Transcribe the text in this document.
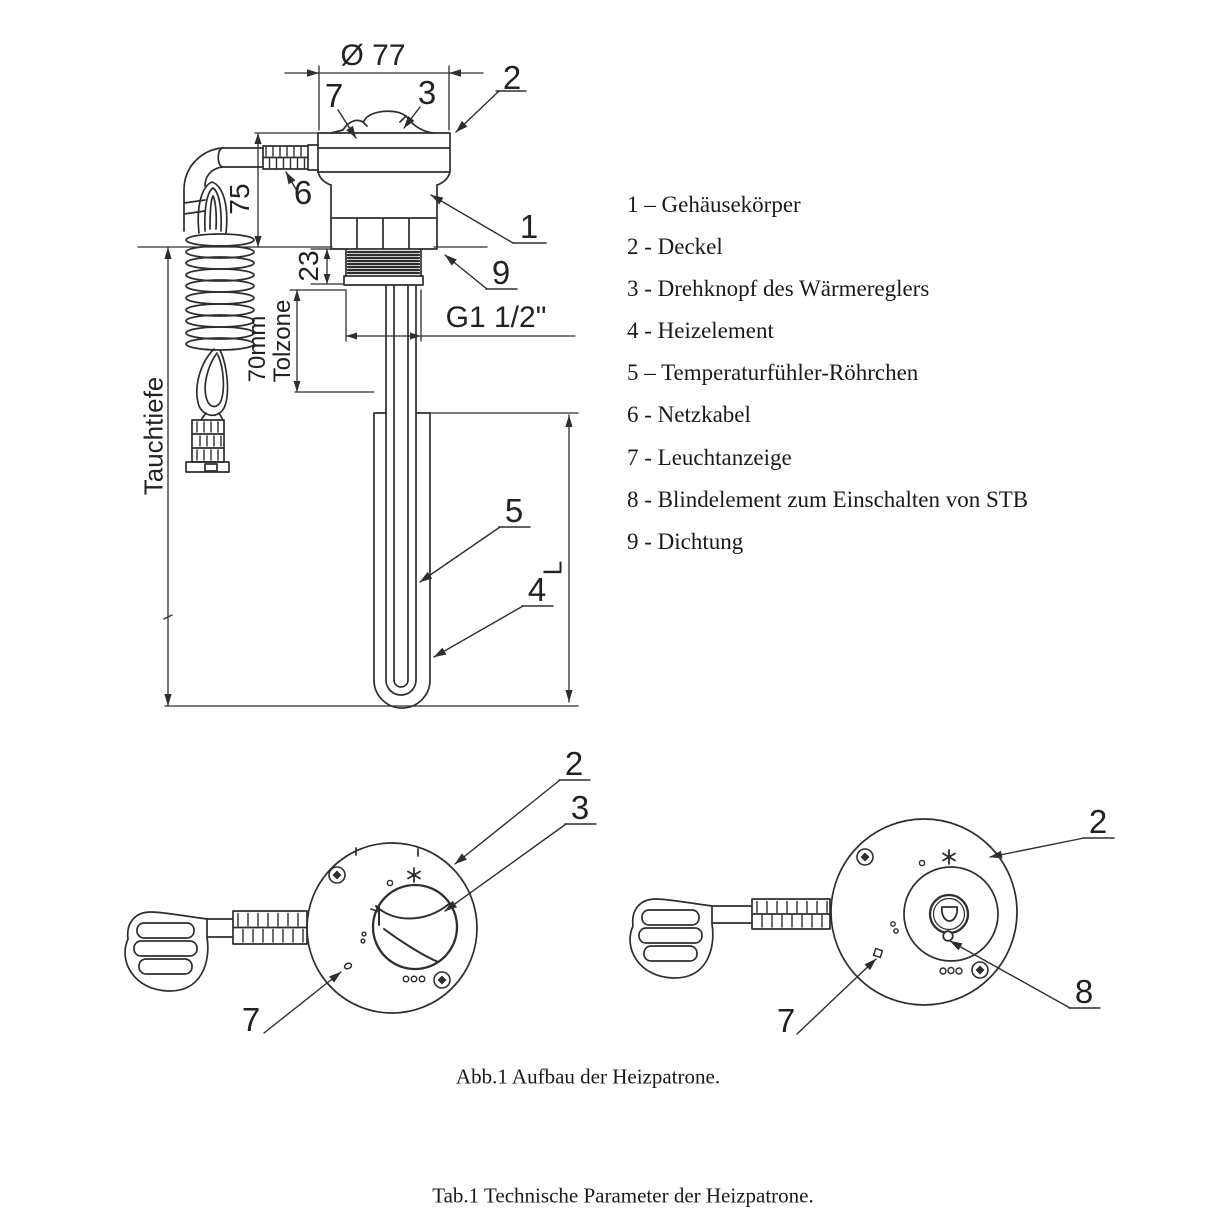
Ø 77
75
23
70mm
Tolzone
Tauchtiefe
G1 1/2"
L
7 3 2
6
1
9
5
4
2
3
7
2
7
8
1 – Gehäusekörper
2 - Deckel
3 - Drehknopf des Wärmereglers
4 - Heizelement
5 – Temperaturfühler-Röhrchen
6 - Netzkabel
7 - Leuchtanzeige
8 - Blindelement zum Einschalten von STB
9 - Dichtung
Abb.1 Aufbau der Heizpatrone.
Tab.1 Technische Parameter der Heizpatrone.
